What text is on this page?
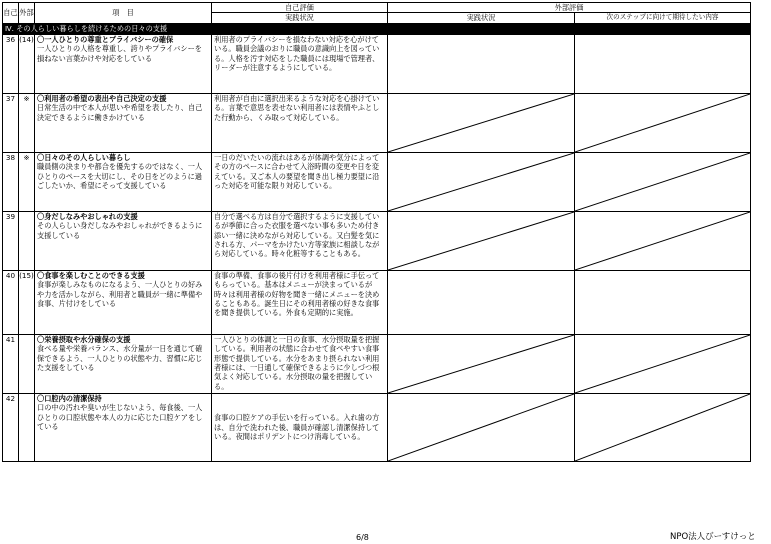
自己	外部	項　目	自己評価	外部評価	
			実践状況	実践状況	次のステップに向けて期待したい内容
Ⅳ. その人らしい暮らしを続けるための日々の支援					
36	(14)	〇一人ひとりの尊重とプライバシーの確保
一人ひとりの人格を尊重し、誇りやプライバシーを損ねない言葉かけや対応をしている	利用者のプライバシーを損なわない対応を心がけている。職員会議のおりに職員の意識向上を図っている。人格を汚す対応をした職員には現場で管理者、リーダーが注意するようにしている。		
37	※	〇利用者の希望の表出や自己決定の支援
日常生活の中で本人が思いや希望を表したり、自己決定できるように働きかけている	利用者が自由に選択出来るような対応を心掛けている。言葉で意思を表せない利用者には表情やふとした行動から、くみ取って対応している。	

38	※	〇日々のその人らしい暮らし
職員側の決まりや都合を優先するのではなく、一人ひとりのペースを大切にし、その日をどのように過ごしたいか、希望にそって支援している	一日のだいたいの流れはあるが体調や気分によってその方のペースに合わせて入浴時間の変更や日を変えている。又ご本人の要望を聞き出し極力要望に沿った対応を可能な限り対応している。	

39		〇身だしなみやおしゃれの支援
その人らしい身だしなみやおしゃれができるように支援している	自分で選べる方は自分で選択するように支援しているが季節に合った衣服を選べない事も多いため付き添い一緒に決めながら対応している。又白髪を気にされる方、パーマをかけたい方等家族に相談しながら対応している。時々化粧等することもある。	

40	(15)	〇食事を楽しむことのできる支援
食事が楽しみなものになるよう、一人ひとりの好みや力を活かしながら、利用者と職員が一緒に準備や食事、片付けをしている	食事の準備、食事の後片付けを利用者様に手伝ってもらっている。基本はメニューが決まっているが時々は利用者様の好物を聞き一緒にメニューを決めることもある。誕生日にその利用者様の好きな食事を聞き提供している。外食も定期的に実施。		
41		〇栄養摂取や水分確保の支援
食べる量や栄養バランス、水分量が一日を通じて確保できるよう、一人ひとりの状態や力、習慣に応じた支援をしている	一人ひとりの体調と一日の食事、水分摂取量を把握している。利用者の状態に合わせて食べやすい食事形態で提供している。水分をあまり摂られない利用者様には、一日通して確保できるように少しづつ根気よく対応している。水分摂取の量を把握している。	

42		〇口腔内の清潔保持
口の中の汚れや臭いが生じないよう、毎食後、一人ひとりの口腔状態や本人の力に応じた口腔ケアをしている	食事の口腔ケアの手伝いを行っている。入れ歯の方は、自分で洗われた後、職員が確認し清潔保持している。夜間はポリデントにつけ消毒している。	

6/8	NPO法人びーすけっと
